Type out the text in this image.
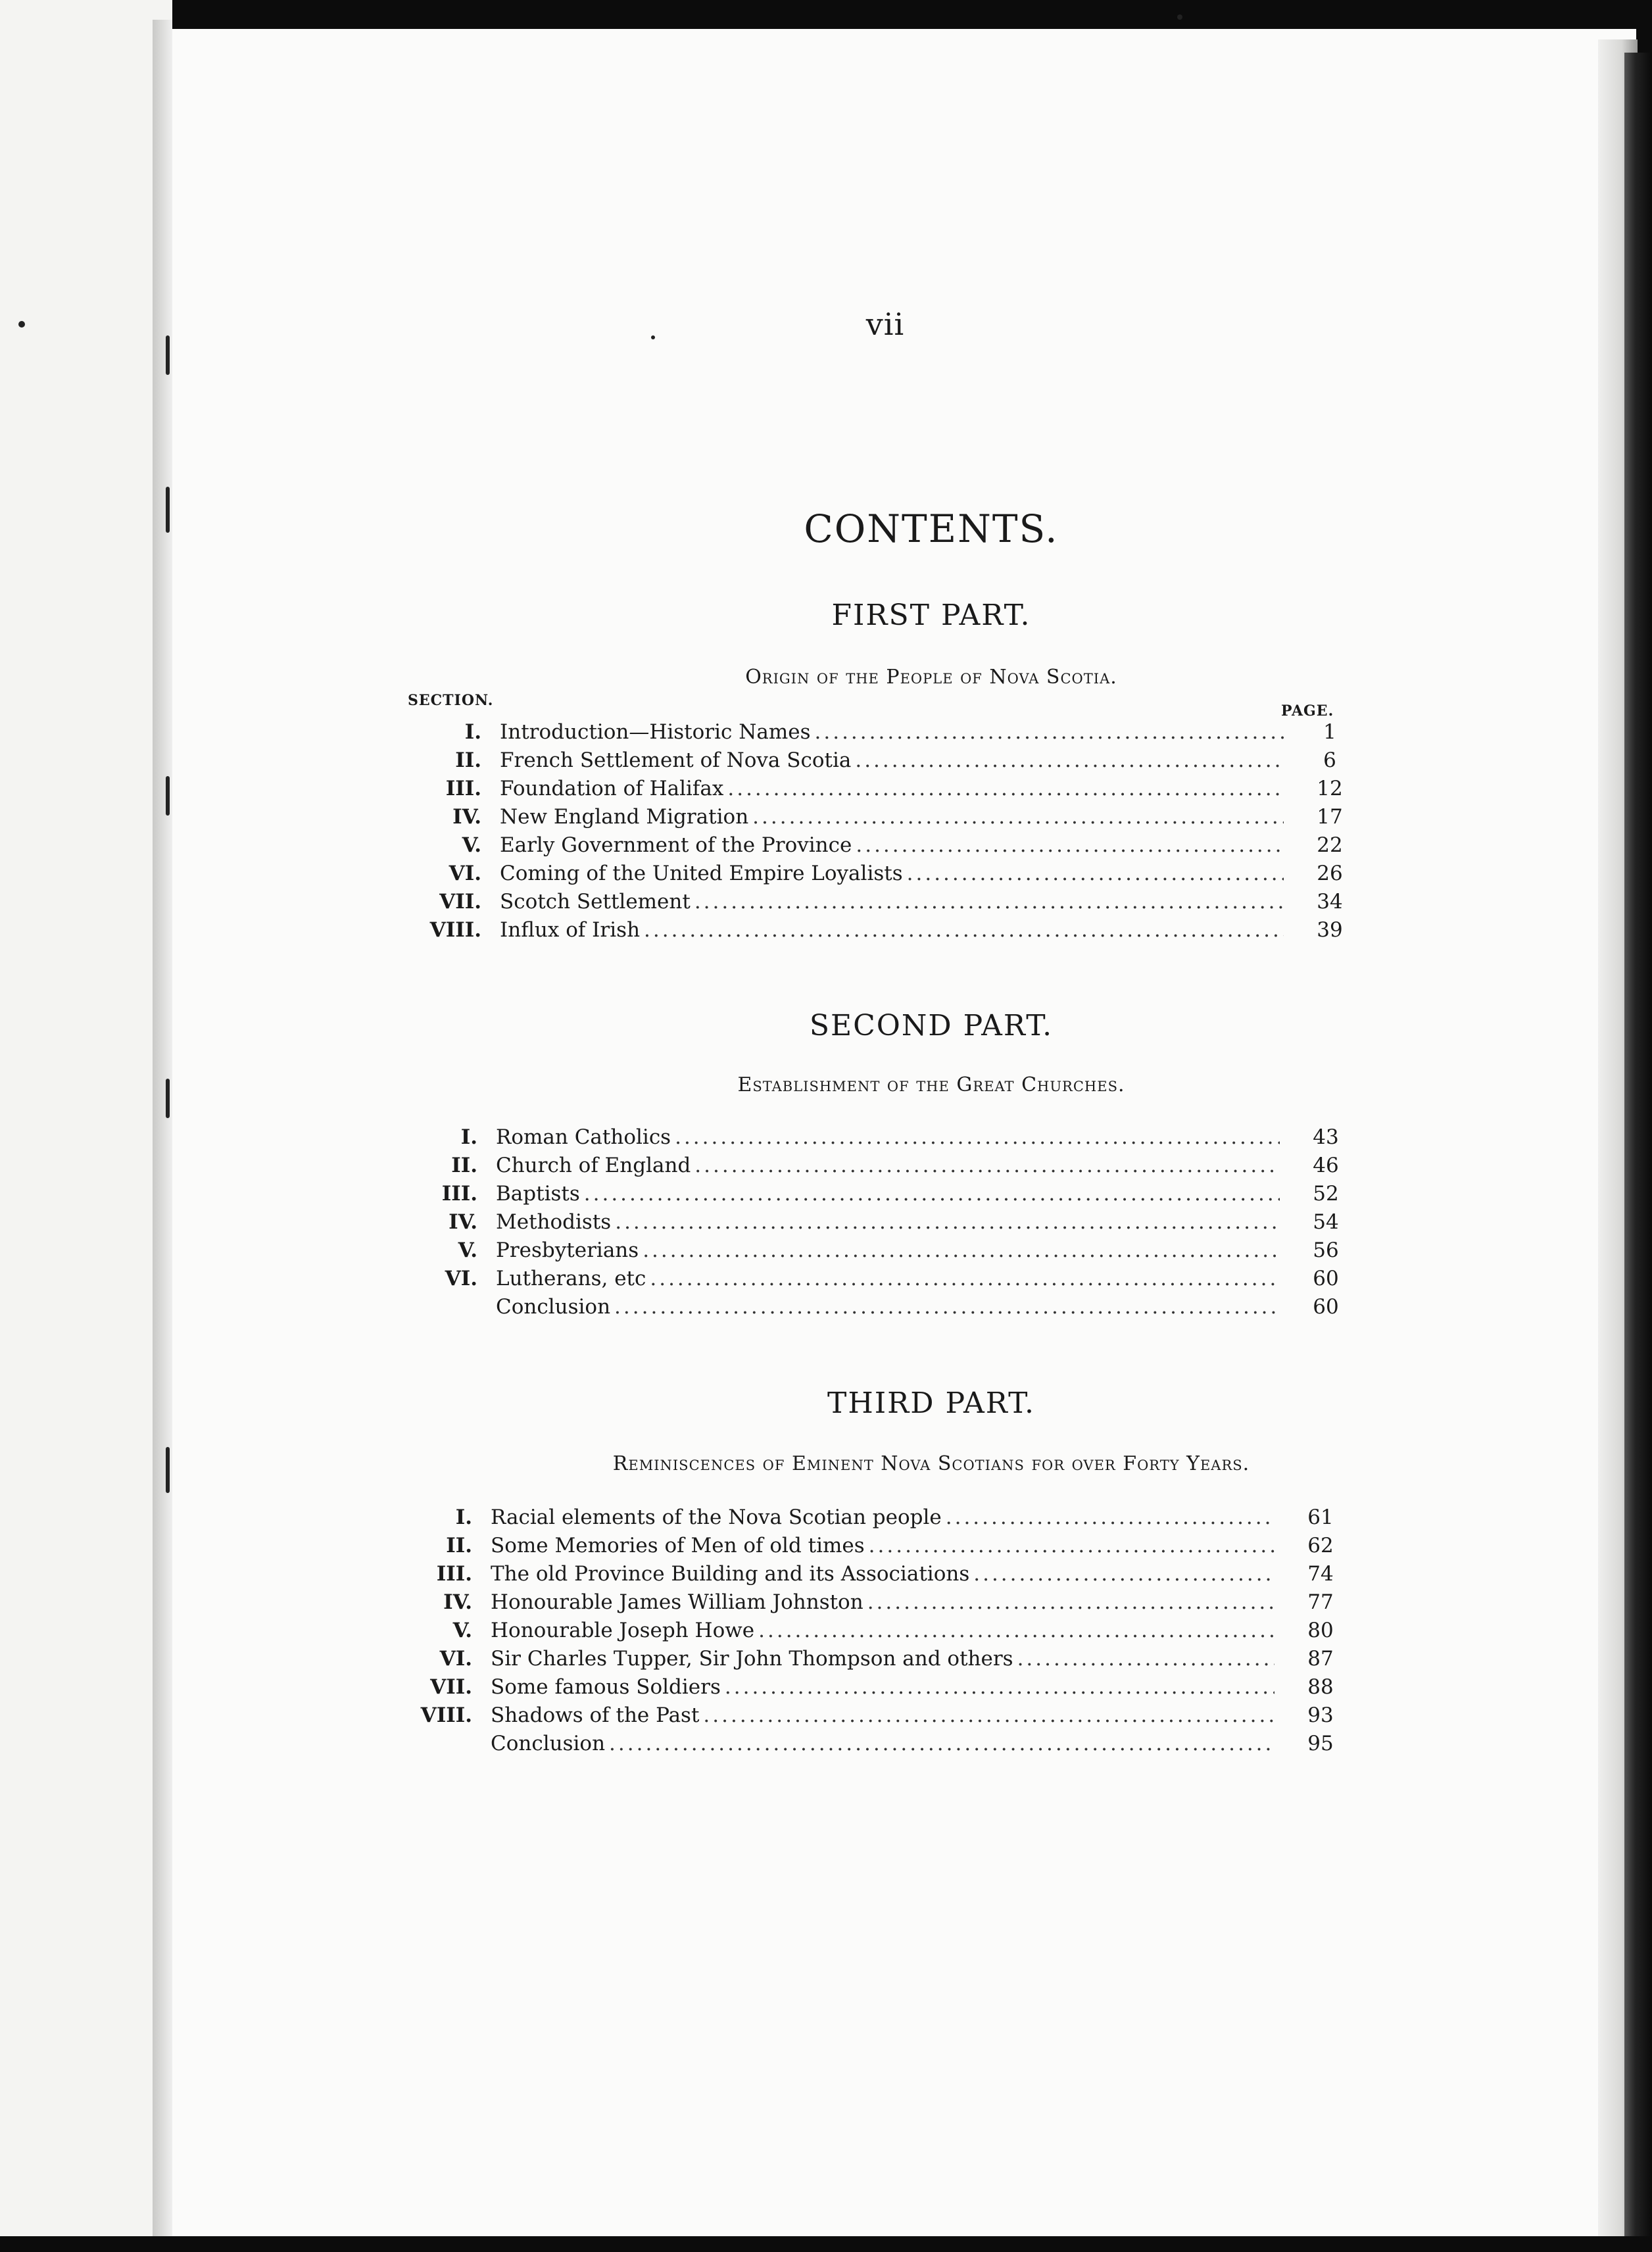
vii
CONTENTS.
FIRST PART.
Origin of the People of Nova Scotia.
SECTION.
PAGE.
I. Introduction—Historic Names .....	1
II. French Settlement of Nova Scotia .....	6
III. Foundation of Halifax .....	12
IV. New England Migration .....	17
V. Early Government of the Province .....	22
VI. Coming of the United Empire Loyalists .....	26
VII. Scotch Settlement .....	34
VIII. Influx of Irish .....	39
SECOND PART.
Establishment of the Great Churches.
I. Roman Catholics .....	43
II. Church of England .....	46
III. Baptists .....	52
IV. Methodists .....	54
V. Presbyterians .....	56
VI. Lutherans, etc .....	60
Conclusion .....	60
THIRD PART.
Reminiscences of Eminent Nova Scotians for over Forty Years.
I. Racial elements of the Nova Scotian people .....	61
II. Some Memories of Men of old times .....	62
III. The old Province Building and its Associations .....	74
IV. Honourable James William Johnston .....	77
V. Honourable Joseph Howe .....	80
VI. Sir Charles Tupper, Sir John Thompson and others .....	87
VII. Some famous Soldiers .....	88
VIII. Shadows of the Past .....	93
Conclusion .....	95
